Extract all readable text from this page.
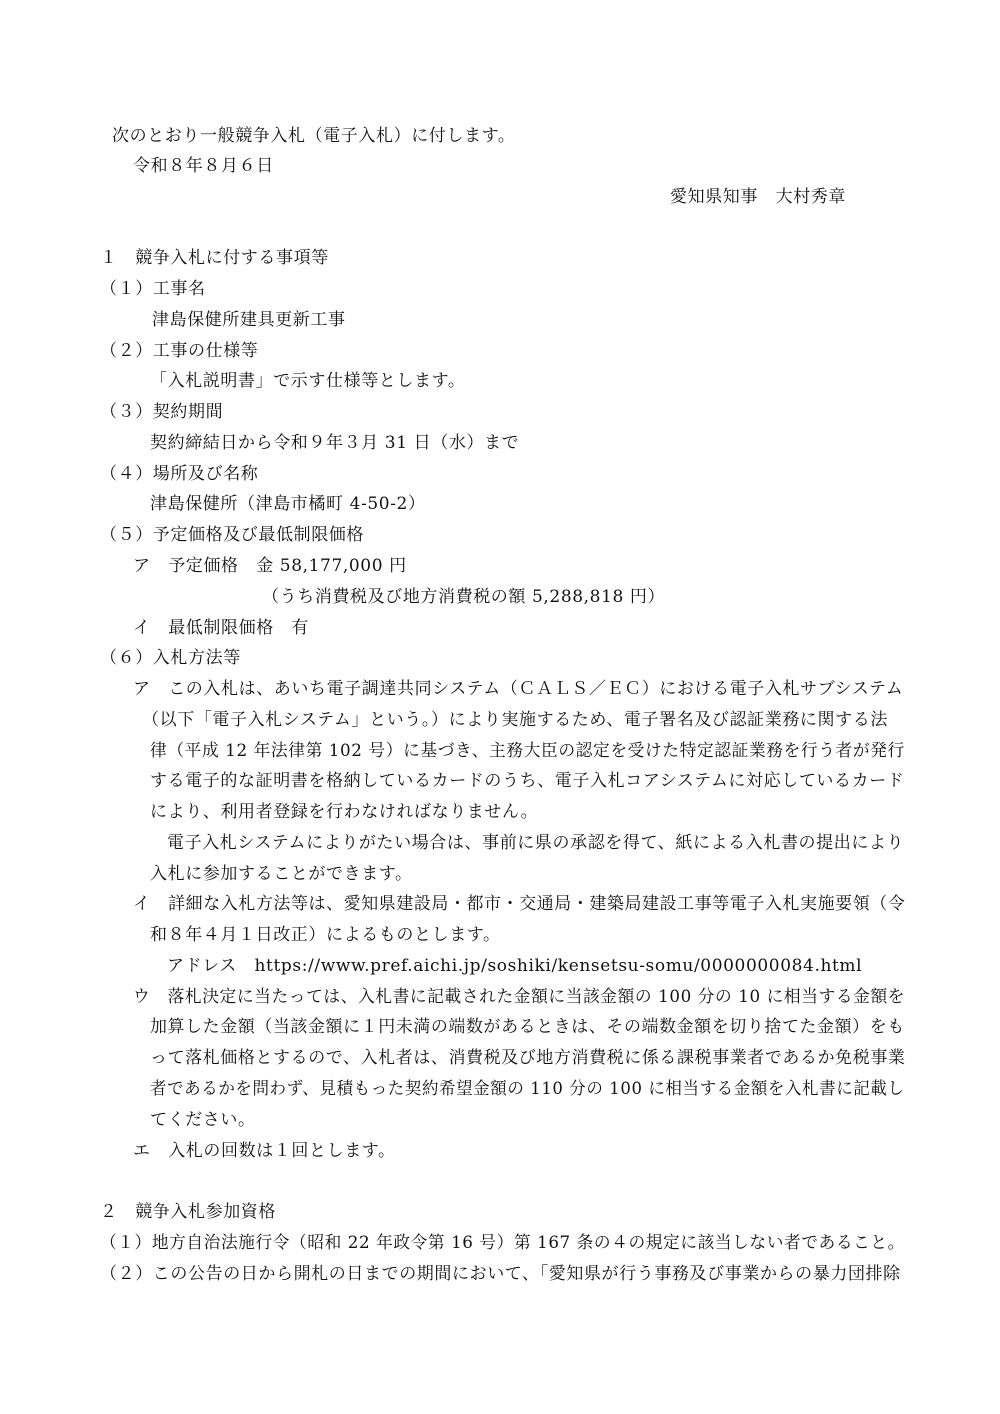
次のとおり一般競争入札（電子入札）に付します。
令和８年８月６日
愛知県知事　大村秀章
１　競争入札に付する事項等
（１）工事名
津島保健所建具更新工事
（２）工事の仕様等
「入札説明書」で示す仕様等とします。
（３）契約期間
契約締結日から令和９年３月 31 日（水）まで
（４）場所及び名称
津島保健所（津島市橘町 4-50-2）
（５）予定価格及び最低制限価格
ア　予定価格　金 58,177,000 円
（うち消費税及び地方消費税の額 5,288,818 円）
イ　最低制限価格　有
（６）入札方法等
ア　この入札は、あいち電子調達共同システム（ＣＡＬＳ／ＥＣ）における電子入札サブシステム
（以下「電子入札システム」という。）により実施するため、電子署名及び認証業務に関する法
律（平成 12 年法律第 102 号）に基づき、主務大臣の認定を受けた特定認証業務を行う者が発行
する電子的な証明書を格納しているカードのうち、電子入札コアシステムに対応しているカード
により、利用者登録を行わなければなりません。
電子入札システムによりがたい場合は、事前に県の承認を得て、紙による入札書の提出により
入札に参加することができます。
イ　詳細な入札方法等は、愛知県建設局・都市・交通局・建築局建設工事等電子入札実施要領（令
和８年４月１日改正）によるものとします。
アドレス　https://www.pref.aichi.jp/soshiki/kensetsu-somu/0000000084.html
ウ　落札決定に当たっては、入札書に記載された金額に当該金額の 100 分の 10 に相当する金額を
加算した金額（当該金額に１円未満の端数があるときは、その端数金額を切り捨てた金額）をも
って落札価格とするので、入札者は、消費税及び地方消費税に係る課税事業者であるか免税事業
者であるかを問わず、見積もった契約希望金額の 110 分の 100 に相当する金額を入札書に記載し
てください。
エ　入札の回数は１回とします。
２　競争入札参加資格
（１）地方自治法施行令（昭和 22 年政令第 16 号）第 167 条の４の規定に該当しない者であること。
（２）この公告の日から開札の日までの期間において、「愛知県が行う事務及び事業からの暴力団排除
